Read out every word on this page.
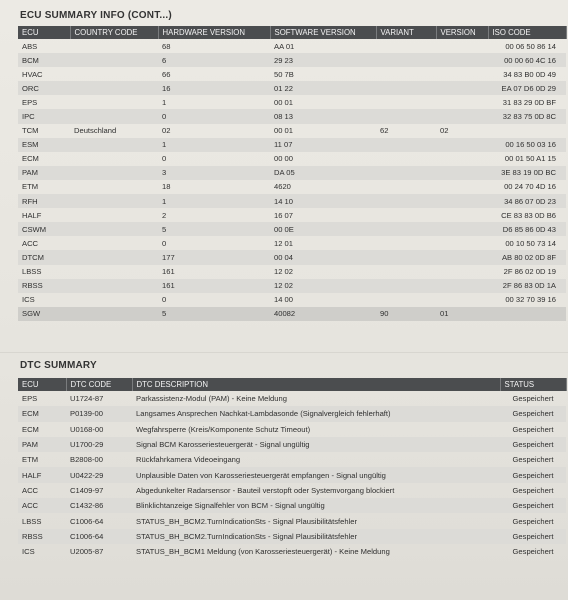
ECU SUMMARY INFO (CONT...)
ECU	COUNTRY CODE	HARDWARE VERSION	SOFTWARE VERSION	VARIANT	VERSION	ISO CODE
ABS		68	AA 01			00 06 50 86 14
BCM		6	29 23			00 00 60 4C 16
HVAC		66	50 7B			34 83 B0 0D 49
ORC		16	01 22			EA 07 D6 0D 29
EPS		1	00 01			31 83 29 0D BF
IPC		0	08 13			32 83 75 0D 8C
TCM	Deutschland	02	00 01	62	02	
ESM		1	11 07			00 16 50 03 16
ECM		0	00 00			00 01 50 A1 15
PAM		3	DA 05			3E 83 19 0D BC
ETM		18	4620			00 24 70 4D 16
RFH		1	14 10			34 86 07 0D 23
HALF		2	16 07			CE 83 83 0D B6
CSWM		5	00 0E			D6 85 86 0D 43
ACC		0	12 01			00 10 50 73 14
DTCM		177	00 04			AB 80 02 0D 8F
LBSS		161	12 02			2F 86 02 0D 19
RBSS		161	12 02			2F 86 83 0D 1A
ICS		0	14 00			00 32 70 39 16
SGW		5	40082	90	01	
DTC SUMMARY
ECU	DTC CODE	DTC DESCRIPTION	STATUS
EPS	U1724-87	Parkassistenz-Modul (PAM) - Keine Meldung	Gespeichert
ECM	P0139-00	Langsames Ansprechen Nachkat-Lambdasonde (Signalvergleich fehlerhaft)	Gespeichert
ECM	U0168-00	Wegfahrsperre (Kreis/Komponente Schutz Timeout)	Gespeichert
PAM	U1700-29	Signal BCM Karosseriesteuergerät - Signal ungültig	Gespeichert
ETM	B2808-00	Rückfahrkamera Videoeingang	Gespeichert
HALF	U0422-29	Unplausible Daten von Karosseriesteuergerät empfangen - Signal ungültig	Gespeichert
ACC	C1409-97	Abgedunkelter Radarsensor - Bauteil verstopft oder Systemvorgang blockiert	Gespeichert
ACC	C1432-86	Blinklichtanzeige Signalfehler von BCM - Signal ungültig	Gespeichert
LBSS	C1006-64	STATUS_BH_BCM2.TurnIndicationSts - Signal Plausibilitätsfehler	Gespeichert
RBSS	C1006-64	STATUS_BH_BCM2.TurnIndicationSts - Signal Plausibilitätsfehler	Gespeichert
ICS	U2005-87	STATUS_BH_BCM1 Meldung (von Karosseriesteuergerät) - Keine Meldung	Gespeichert
